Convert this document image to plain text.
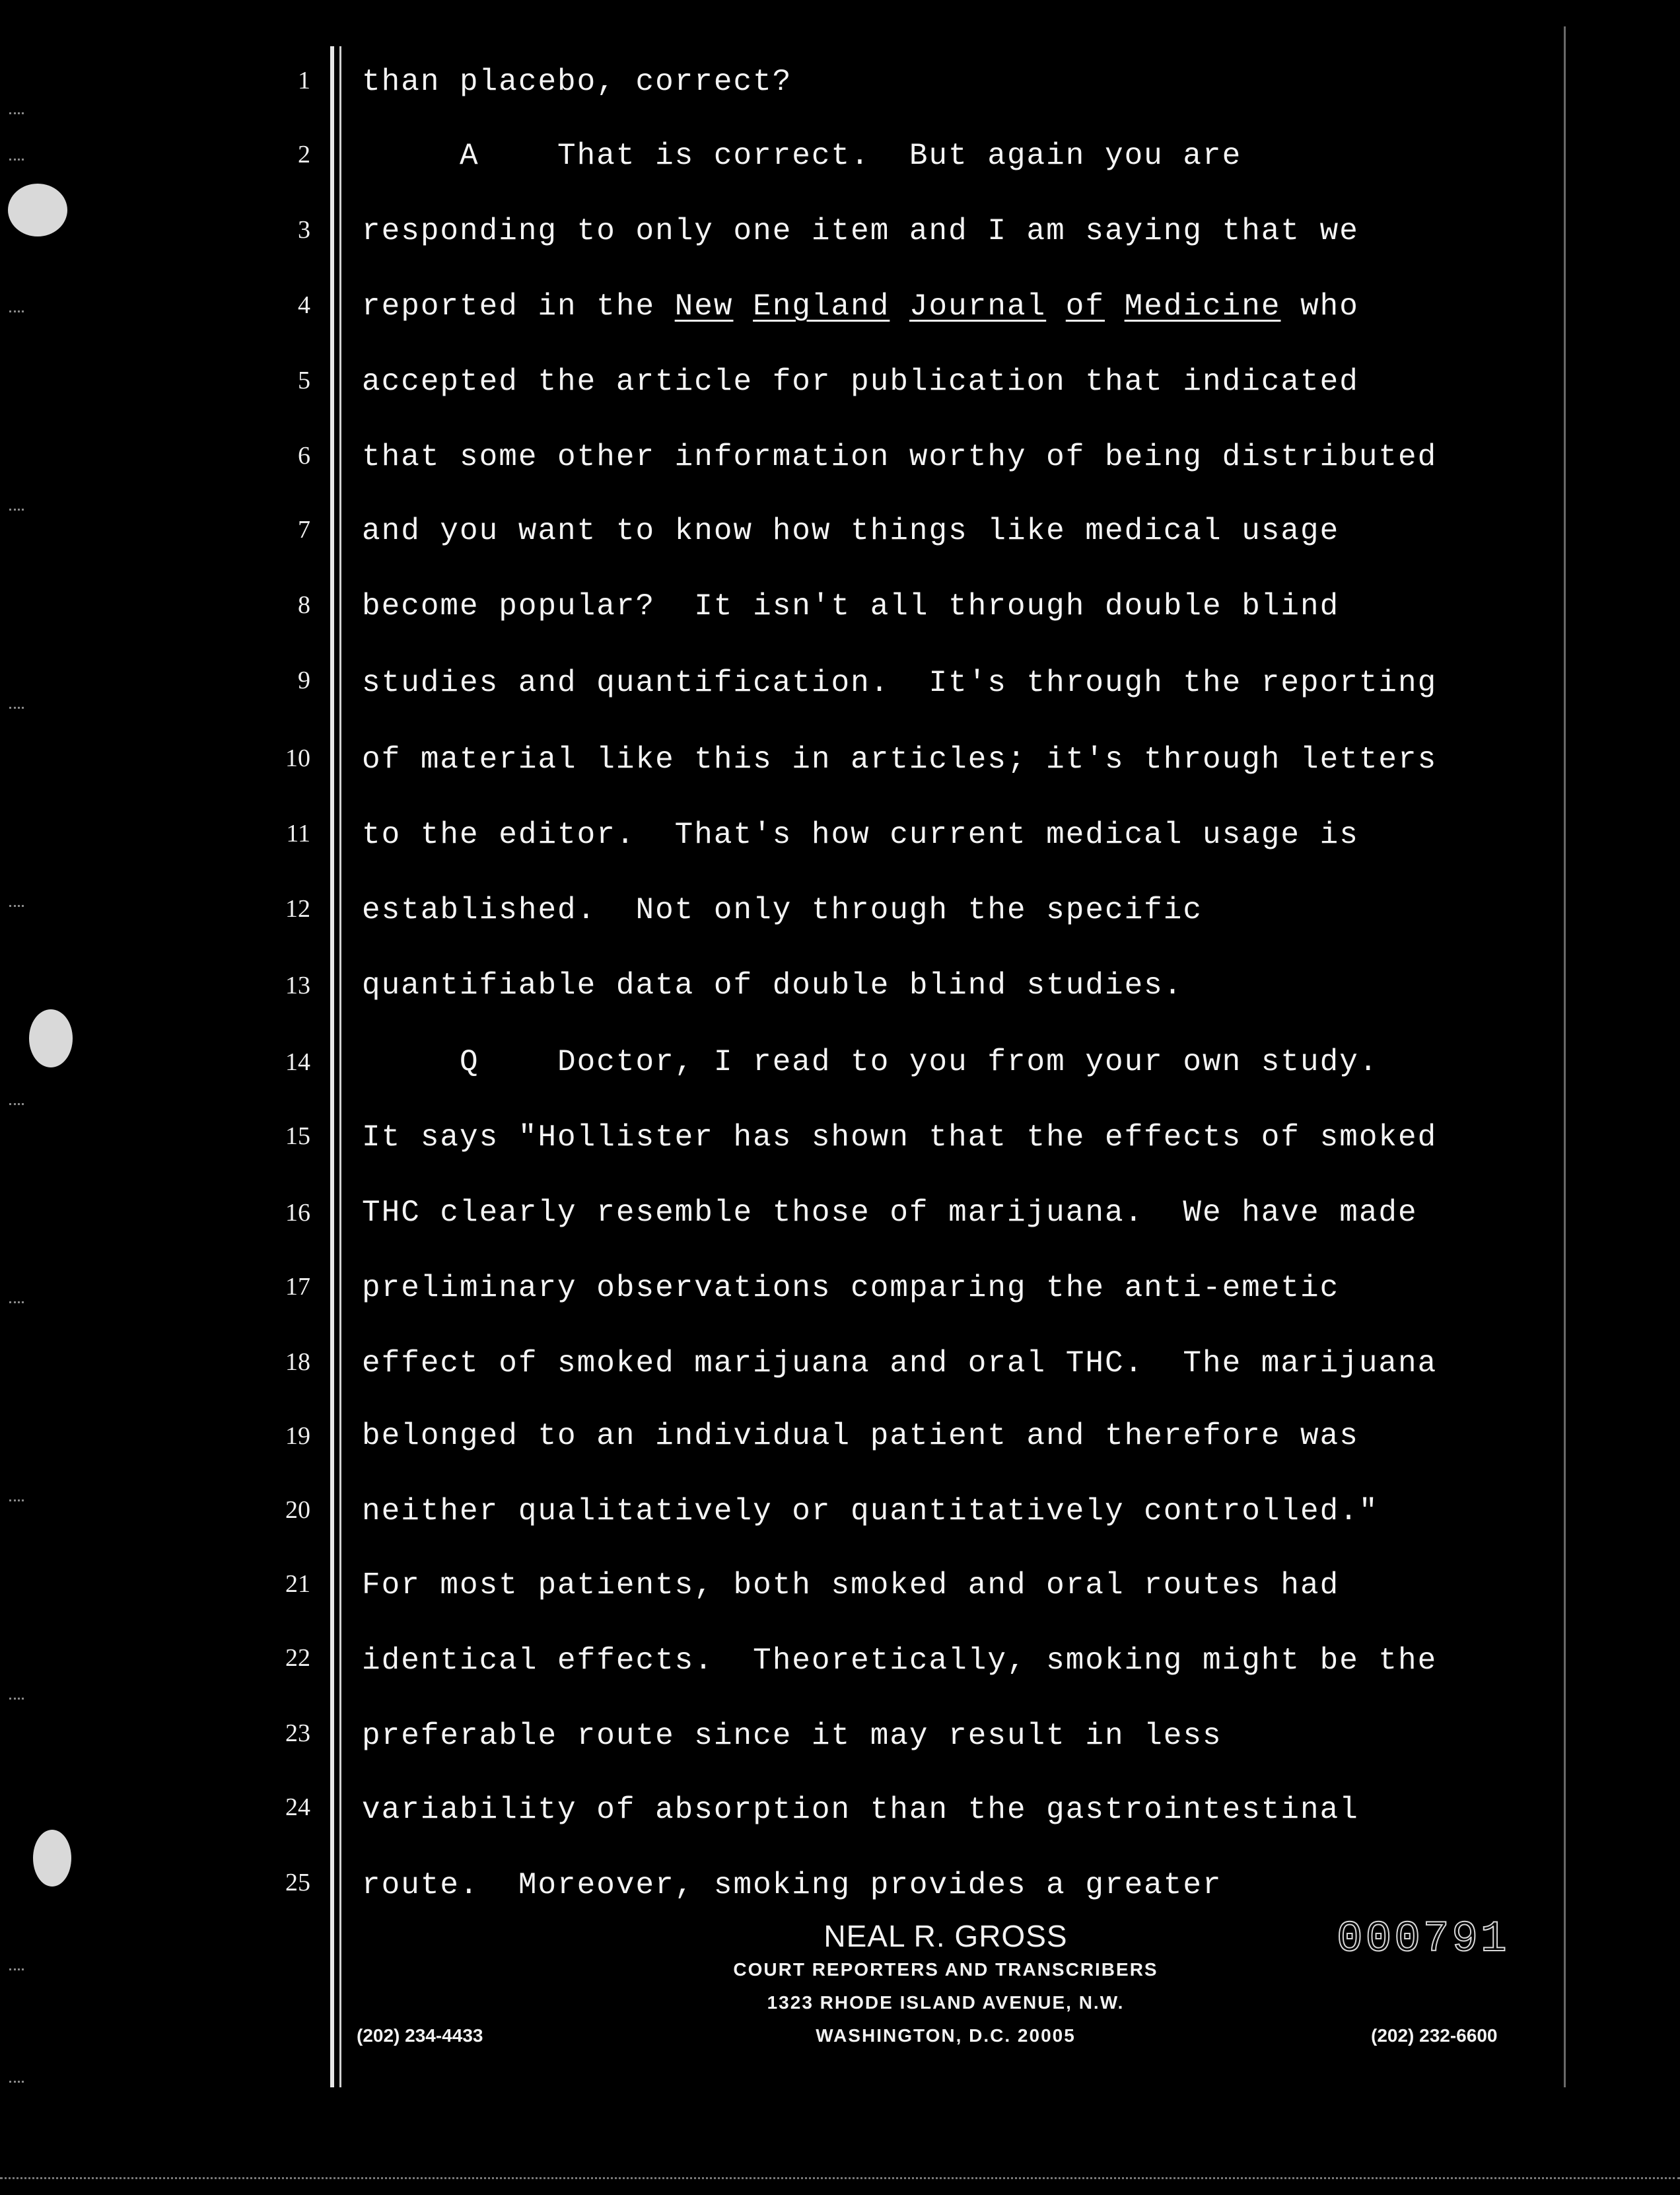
1
2
3
4
5
6
7
8
9
10
11
12
13
14
15
16
17
18
19
20
21
22
23
24
25
than placebo, correct?
A    That is correct.  But again you are
responding to only one item and I am saying that we
reported in the New England Journal of Medicine who
accepted the article for publication that indicated
that some other information worthy of being distributed
and you want to know how things like medical usage
become popular?  It isn't all through double blind
studies and quantification.  It's through the reporting
of material like this in articles; it's through letters
to the editor.  That's how current medical usage is
established.  Not only through the specific
quantifiable data of double blind studies.
Q    Doctor, I read to you from your own study.
It says "Hollister has shown that the effects of smoked
THC clearly resemble those of marijuana.  We have made
preliminary observations comparing the anti-emetic
effect of smoked marijuana and oral THC.  The marijuana
belonged to an individual patient and therefore was
neither qualitatively or quantitatively controlled."
For most patients, both smoked and oral routes had
identical effects.  Theoretically, smoking might be the
preferable route since it may result in less
variability of absorption than the gastrointestinal
route.  Moreover, smoking provides a greater
NEAL R. GROSS
COURT REPORTERS AND TRANSCRIBERS
1323 RHODE ISLAND AVENUE, N.W.
WASHINGTON, D.C. 20005
(202) 234-4433	(202) 232-6600
000791
